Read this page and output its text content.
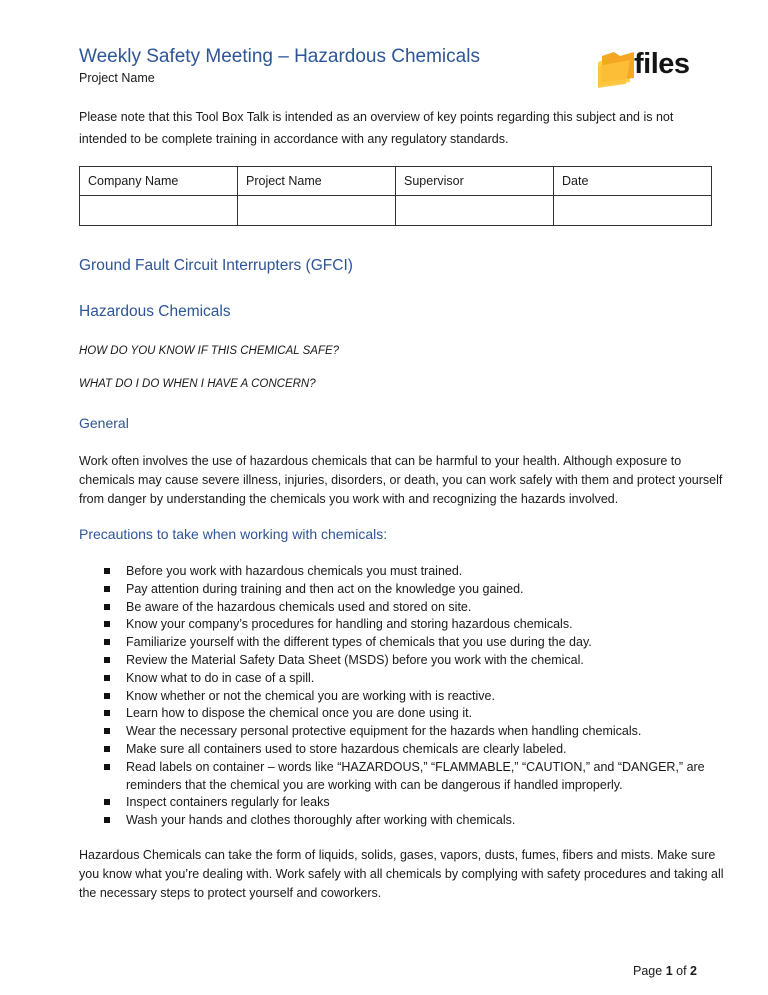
Weekly Safety Meeting – Hazardous Chemicals
Project Name	files

Please note that this Tool Box Talk is intended as an overview of key points regarding this subject and is not intended to be complete training in accordance with any regulatory standards.

Company Name	Project Name	Supervisor	Date

Ground Fault Circuit Interrupters (GFCI)
Hazardous Chemicals

HOW DO YOU KNOW IF THIS CHEMICAL SAFE?

WHAT DO I DO WHEN I HAVE A CONCERN?

General

Work often involves the use of hazardous chemicals that can be harmful to your health. Although exposure to chemicals may cause severe illness, injuries, disorders, or death, you can work safely with them and protect yourself from danger by understanding the chemicals you work with and recognizing the hazards involved.

Precautions to take when working with chemicals:
Before you work with hazardous chemicals you must trained.
Pay attention during training and then act on the knowledge you gained.
Be aware of the hazardous chemicals used and stored on site.
Know your company’s procedures for handling and storing hazardous chemicals.
Familiarize yourself with the different types of chemicals that you use during the day.
Review the Material Safety Data Sheet (MSDS) before you work with the chemical.
Know what to do in case of a spill.
Know whether or not the chemical you are working with is reactive.
Learn how to dispose the chemical once you are done using it.
Wear the necessary personal protective equipment for the hazards when handling chemicals.
Make sure all containers used to store hazardous chemicals are clearly labeled.
Read labels on container – words like “HAZARDOUS,” “FLAMMABLE,” “CAUTION,” and “DANGER,” are reminders that the chemical you are working with can be dangerous if handled improperly.
Inspect containers regularly for leaks
Wash your hands and clothes thoroughly after working with chemicals.

Hazardous Chemicals can take the form of liquids, solids, gases, vapors, dusts, fumes, fibers and mists. Make sure you know what you’re dealing with. Work safely with all chemicals by complying with safety procedures and taking all the necessary steps to protect yourself and coworkers.

Page 1 of 2
